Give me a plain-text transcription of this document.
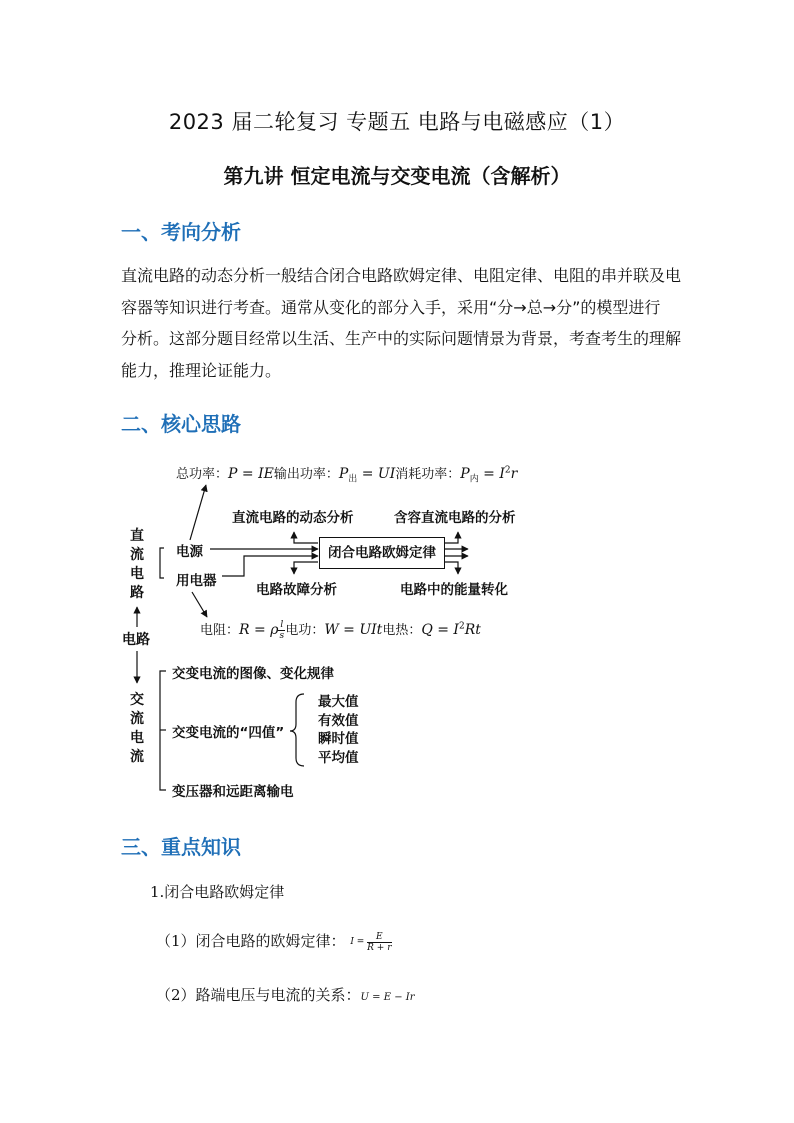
2023 届二轮复习 专题五 电路与电磁感应（1）
第九讲 恒定电流与交变电流（含解析）
一、考向分析
直流电路的动态分析一般结合闭合电路欧姆定律、电阻定律、电阻的串并联及电
容器等知识进行考查。通常从变化的部分入手，采用“分→总→分”的模型进行
分析。这部分题目经常以生活、生产中的实际问题情景为背景，考查考生的理解
能力，推理论证能力。
二、核心思路
总功率：P = IE输出功率：$P_出$ = UI消耗功率：$P_内 = I^2r$
直流电路
电源
用电器
闭合电路欧姆定律
直流电路的动态分析	含容直流电路的分析
电路故障分析	电路中的能量转化
电阻：R = ρ $\frac{l}{s}$ 电功：W = UIt电热：$Q = I^2Rt$
电路
交流电流
交变电流的图像、变化规律
交变电流的“四值”
变压器和远距离输电
最大值
有效值
瞬时值
平均值
三、重点知识
1.闭合电路欧姆定律
（1）闭合电路的欧姆定律： $I = \frac{E}{R + r}$
（2）路端电压与电流的关系：U = E − Ir
